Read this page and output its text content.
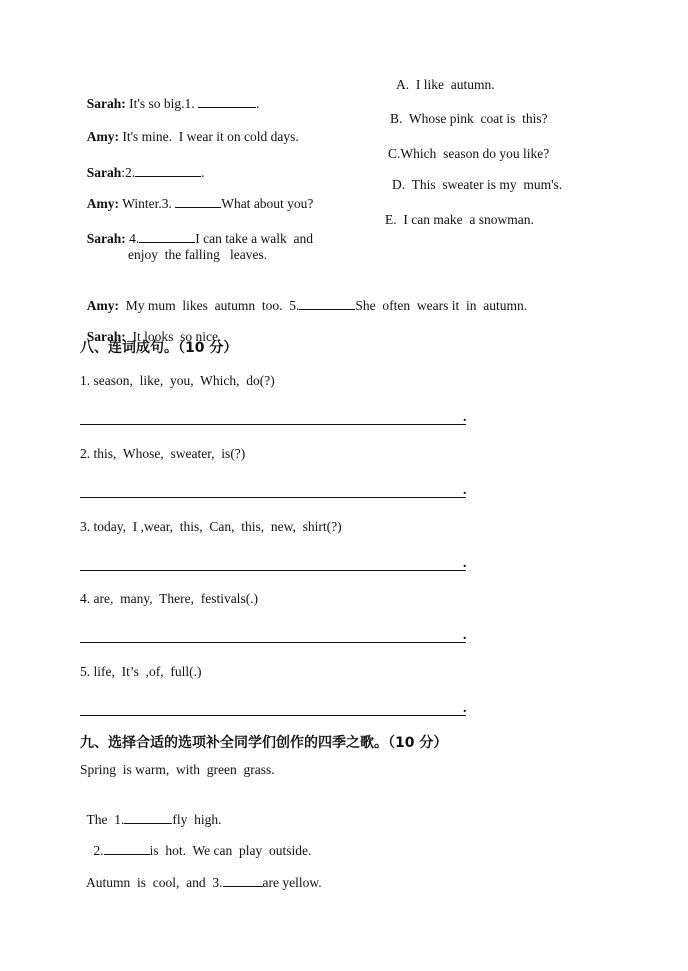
Sarah: It's so big.1.	.

A.  I like  autumn.

Amy: It's mine.  I wear it on cold days.

B.  Whose pink  coat is  this?

Sarah:2.	.

C.Which  season do you like?

Amy: Winter.3.	What about you?

D.  This  sweater is my  mum's.

Sarah: 4.	I can take a walk  and

E.  I can make  a snowman.
enjoy  the falling   leaves.

Amy:  My mum  likes  autumn  too.  5.	She  often  wears it  in  autumn.

Sarah:  It looks  so nice.

八、连词成句。（10 分）
1. season,  like,  you,  Which,  do(?)
.
2. this,  Whose,  sweater,  is(?)
.
3. today,  I ,wear,  this,  Can,  this,  new,  shirt(?)
.
4. are,  many,  There,  festivals(.)
.
5. life,  It’s  ,of,  full(.)
.
九、选择合适的选项补全同学们创作的四季之歌。（10 分）
Spring  is warm,  with  green  grass.

The  1.	fly  high.

2.	is  hot.  We can  play  outside.

Autumn  is  cool,  and  3.	are yellow.
